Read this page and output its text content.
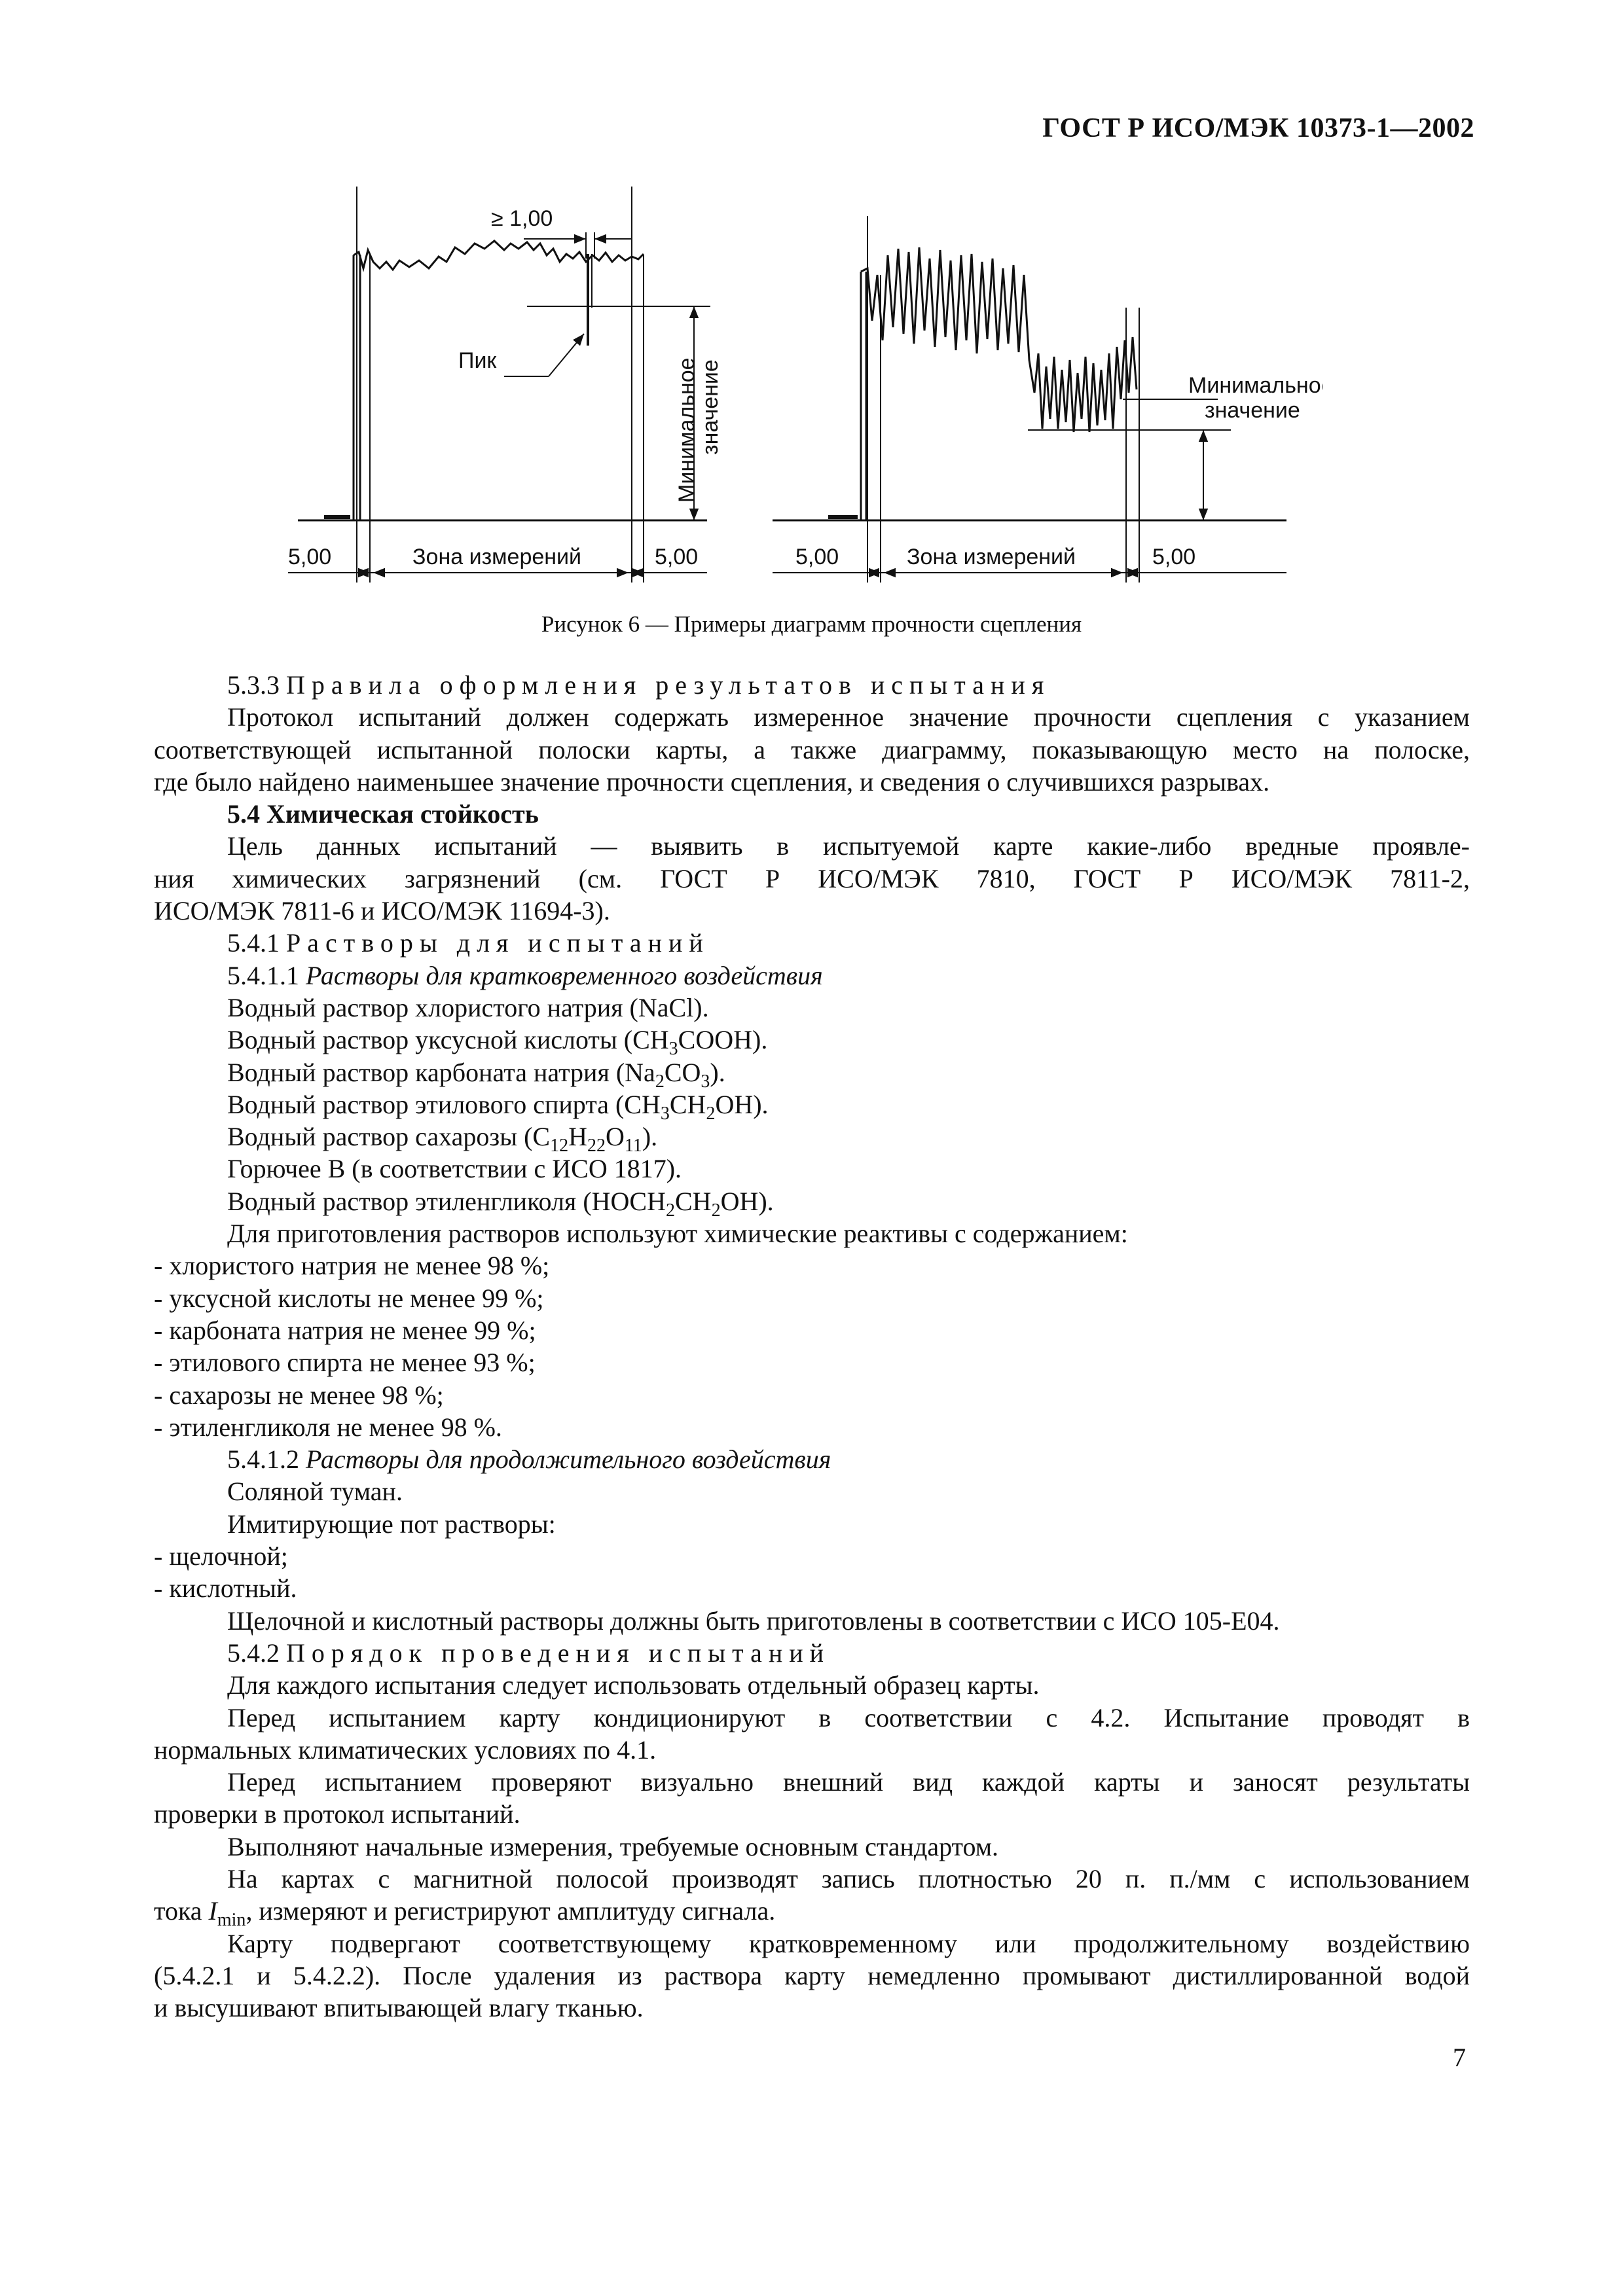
ГОСТ Р ИСО/МЭК 10373-1—2002
≥ 1,00
Пик	Минимальное
значение
5,00	Зона измерений	5,00
Минимальное
значение
5,00	Зона измерений	5,00
Рисунок 6 — Примеры диаграмм прочности сцепления
5.3.3 Правила оформления результатов испытания
Протокол испытаний должен содержать измеренное значение прочности сцепления с указанием
соответствующей испытанной полоски карты, а также диаграмму, показывающую место на полоске,
где было найдено наименьшее значение прочности сцепления, и сведения о случившихся разрывах.
5.4 Химическая стойкость
Цель данных испытаний — выявить в испытуемой карте какие-либо вредные проявле-
ния химических загрязнений (см. ГОСТ Р ИСО/МЭК 7810, ГОСТ Р ИСО/МЭК 7811-2,
ИСО/МЭК 7811-6 и ИСО/МЭК 11694-3).
5.4.1 Растворы для испытаний
5.4.1.1 Растворы для кратковременного воздействия
Водный раствор хлористого натрия (NaCl).
Водный раствор уксусной кислоты $(CH_3COOH)$.
Водный раствор карбоната натрия $(Na_2CO_3)$.
Водный раствор этилового спирта $(CH_3CH_2OH)$.
Водный раствор сахарозы $(C_{12}H_{22}O_{11})$.
Горючее B (в соответствии с ИСО 1817).
Водный раствор этиленгликоля $(HOCH_2CH_2OH)$.
Для приготовления растворов используют химические реактивы с содержанием:
- хлористого натрия не менее 98 %;
- уксусной кислоты не менее 99 %;
- карбоната натрия не менее 99 %;
- этилового спирта не менее 93 %;
- сахарозы не менее 98 %;
- этиленгликоля не менее 98 %.
5.4.1.2 Растворы для продолжительного воздействия
Соляной туман.
Имитирующие пот растворы:
- щелочной;
- кислотный.
Щелочной и кислотный растворы должны быть приготовлены в соответствии с ИСО 105-Е04.
5.4.2 Порядок проведения испытаний
Для каждого испытания следует использовать отдельный образец карты.
Перед испытанием карту кондиционируют в соответствии с 4.2. Испытание проводят в
нормальных климатических условиях по 4.1.
Перед испытанием проверяют визуально внешний вид каждой карты и заносят результаты
проверки в протокол испытаний.
Выполняют начальные измерения, требуемые основным стандартом.
На картах с магнитной полосой производят запись плотностью 20 п. п./мм с использованием
тока $I_{min}$, измеряют и регистрируют амплитуду сигнала.
Карту подвергают соответствующему кратковременному или продолжительному воздействию
(5.4.2.1 и 5.4.2.2). После удаления из раствора карту немедленно промывают дистиллированной водой
и высушивают впитывающей влагу тканью.
7
